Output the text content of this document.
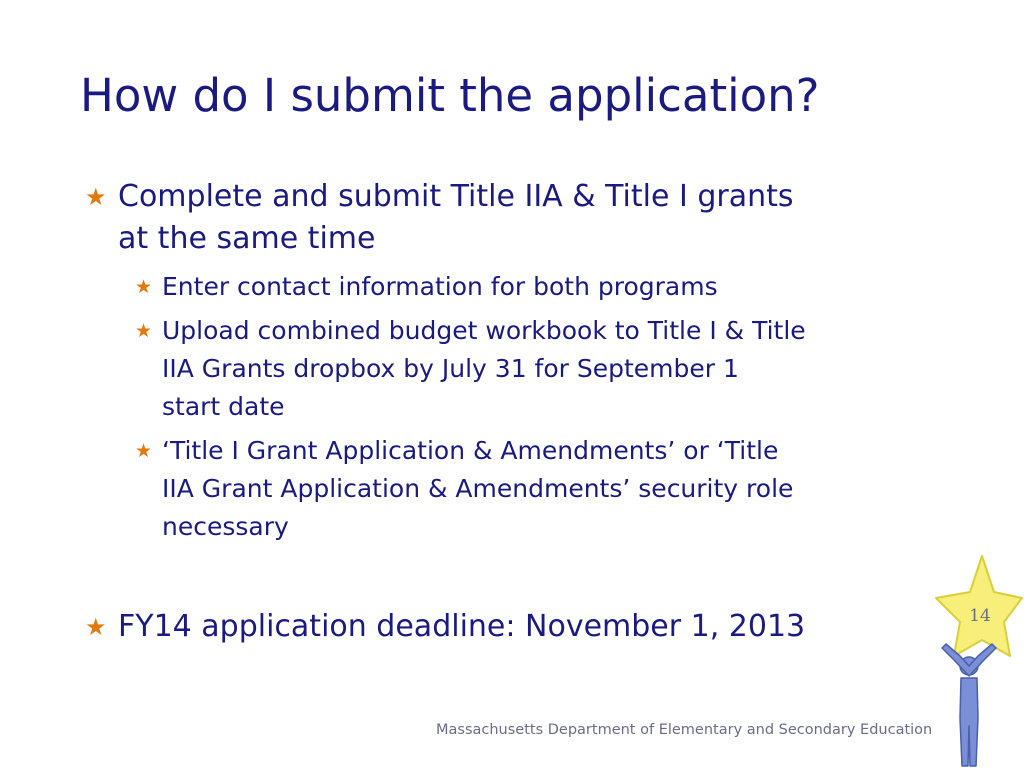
How do I submit the application?
★ Complete and submit Title IIA & Title I grants
at the same time
★ Enter contact information for both programs
★ Upload combined budget workbook to Title I & Title
IIA Grants dropbox by July 31 for September 1
start date
★ ‘Title I Grant Application & Amendments’ or ‘Title
IIA Grant Application & Amendments’ security role
necessary
★ FY14 application deadline: November 1, 2013
Massachusetts Department of Elementary and Secondary Education
14
